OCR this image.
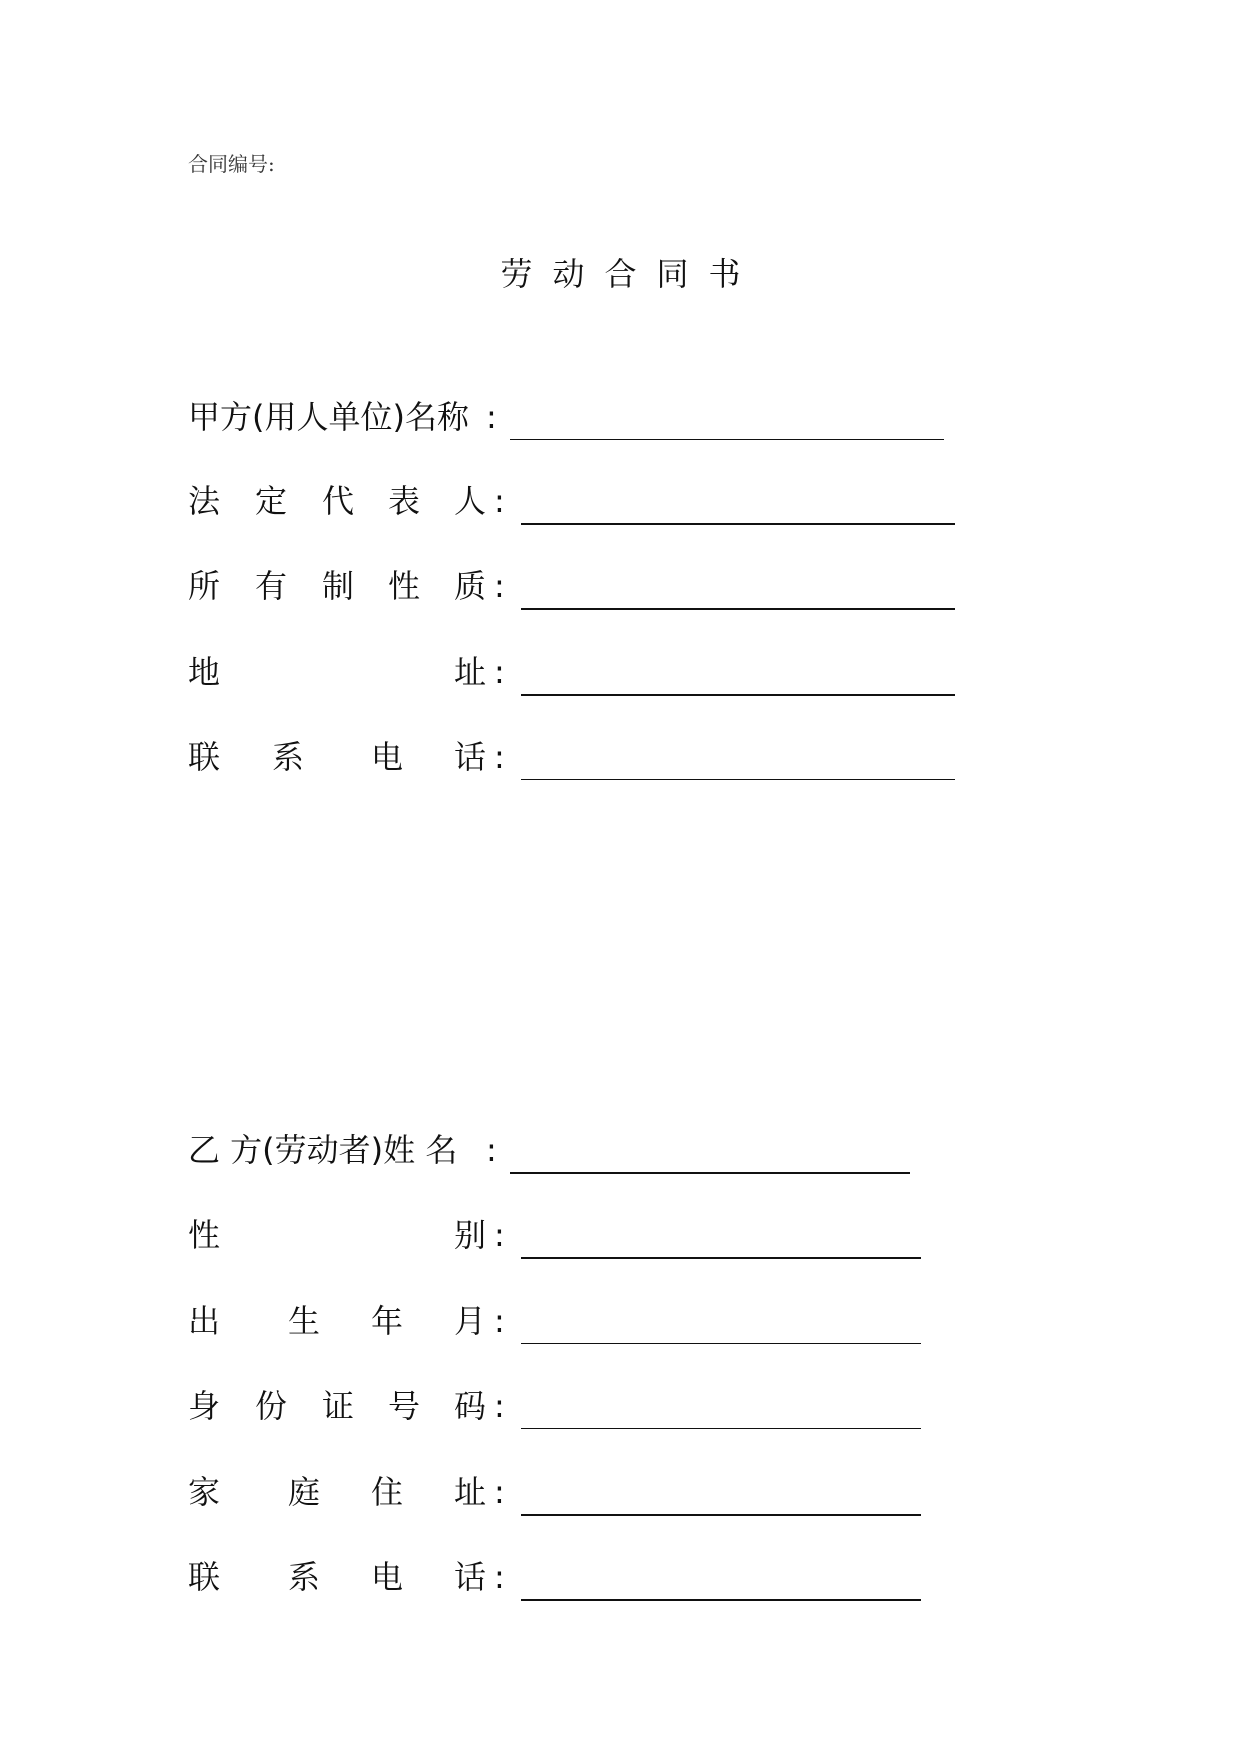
合同编号:
劳动合同书
甲方(用人单位)名称 :
法 定 代 表 人 :
所 有 制 性 质 :
地	址 :
联 系 电 话 :
乙 方(劳动者)姓 名 :
性	别 :
出 生 年 月 :
身 份 证 号 码 :
家 庭 住 址 :
联 系 电 话 :
